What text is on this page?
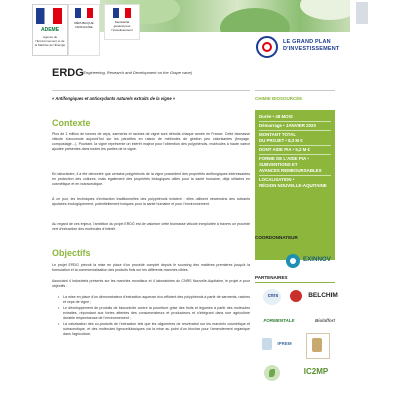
ADEME
Agence de l'Environnement et de la Maîtrise de l'Énergie
RÉPUBLIQUE
FRANÇAISE
Secrétariat
général pour
l'investissement
LE GRAND PLAN
D'INVESTISSEMENT
ERDG
(Engineering, Research and Development on the Grape cane)
« Antifongiques et antioxydants naturels extraits de la vigne »	CHIMIE BIOSOURCÉE
Contexte
Plus de 1 million de tonnes de ceps, sarments et racines de vigne sont détruits chaque année en France. Cette biomasse viticole s'accumule aujourd'hui sur les parcelles en raison de méthodes de gestion peu valorisantes (broyage, compostage…). Pourtant, la vigne représente un intérêt majeur pour l'obtention des polyphénols, molécules à haute valeur ajoutée présentes dans toutes les parties de la vigne.
En laboratoire, il a été démontré que certains polyphénols de la vigne possèdent des propriétés antifongiques intéressantes en protection des cultures, mais également des propriétés biologiques utiles pour la santé humaine, déjà utilisées en cosmétique et en nutraceutique.
À ce jour, les techniques d'extraction traditionnelles des polyphénols existent : elles utilisent néanmoins des solvants apolaires écologiquement, potentiellement toxiques pour la santé humaine et pour l'environnement.
Au regard de ces enjeux, l'ambition du projet ERDG est de valoriser cette biomasse viticole inexploitée à travers un procédé vert d'extraction des molécules d'intérêt.
Objectifs
Le projet ERDG prévoit la mise en place d'un procédé complet depuis le sourcing des matières premières jusqu'à la formulation et la commercialisation des produits finis sur les différents marchés cibles.
Associant 4 industriels présents sur les marchés mondiaux et 4 laboratoires du CNRS Nouvelle-Aquitaine, le projet a pour objectifs :
• La mise en place d'un démonstrateur d'extraction aqueuse éco-efficient des polyphénols à partir de sarments, racines et ceps de vigne ;
• Le développement de produits de biocontrôle contre la pourriture grise des fruits et légumes à partir des molécules extraites, répondant aux fortes attentes des consommateurs et producteurs et s'intégrant dans une agriculture durable respectueuse de l'environnement ;
• La valorisation des co-produits de l'extraction tels que les oligomères de resvératrol sur les marchés cosmétique et nutraceutique, et des molécules lignocellulosiques via la mise au point d'un biochar pour l'amendement organique dans l'agriculture.
Durée • 48 MOIS
Démarrage • JANVIER 2020
MONTANT TOTAL
DU PROJET • 8,3 M €
DONT AIDE PIA • 5,2 M €
FORME DE L'AIDE PIA •
SUBVENTIONS ET
AVANCES REMBOURSABLES
LOCALISATION •
RÉGION NOUVELLE-AQUITAINE
COORDONNATEUR
EXINNOV
PARTENAIRES
cnrs	BELCHIM
FORMENTALE	Biolaffort
IPREM
IC2MP
